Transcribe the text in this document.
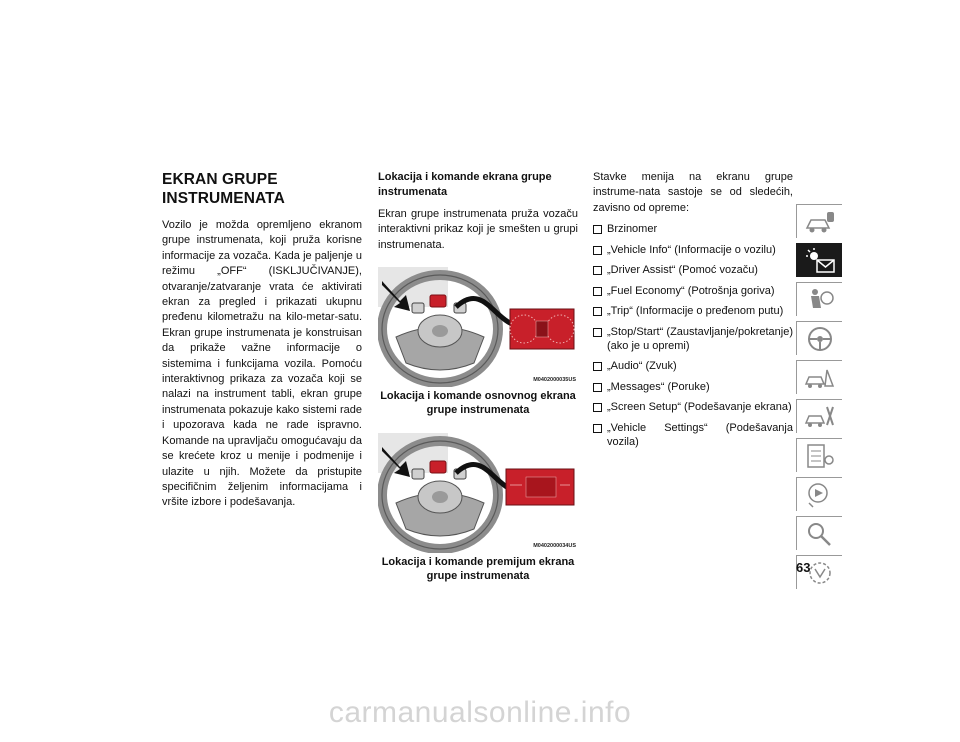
EKRAN GRUPE INSTRUMENATA

Vozilo je možda opremljeno ekranom grupe instrumenata, koji pruža korisne informacije za vozača. Kada je paljenje u režimu „OFF“ (ISKLJUČIVANJE), otvaranje/zatvaranje vrata će aktivirati ekran za pregled i prikazati ukupnu pređenu kilometražu na kilo-metar-satu. Ekran grupe instrumenata je konstruisan da prikaže važne informacije o sistemima i funkcijama vozila. Pomoću interaktivnog prikaza za vozača koji se nalazi na instrument tabli, ekran grupe instrumenata pokazuje kako sistemi rade i upozorava kada ne rade ispravno. Komande na upravljaču omogućavaju da se krećete kroz u menije i podmenije i ulazite u njih. Možete da pristupite specifičnim željenim informacijama i vršite izbore i podešavanja.

Lokacija i komande ekrana grupe instrumenata

Ekran grupe instrumenata pruža vozaču interaktivni prikaz koji je smešten u grupi instrumenata.

M0402000035US

Lokacija i komande osnovnog ekrana grupe instrumenata

M0402000034US

Lokacija i komande premijum ekrana grupe instrumenata

Stavke menija na ekranu grupe instrume-nata sastoje se od sledećih, zavisno od opreme:

Brzinomer
„Vehicle Info“ (Informacije o vozilu)
„Driver Assist“ (Pomoć vozaču)
„Fuel Economy“ (Potrošnja goriva)
„Trip“ (Informacije o pređenom putu)
„Stop/Start“ (Zaustavljanje/pokretanje) (ako je u opremi)
„Audio“ (Zvuk)
„Messages“ (Poruke)
„Screen Setup“ (Podešavanje ekrana)
„Vehicle Settings“ (Podešavanja vozila)
63
carmanualsonline.info
